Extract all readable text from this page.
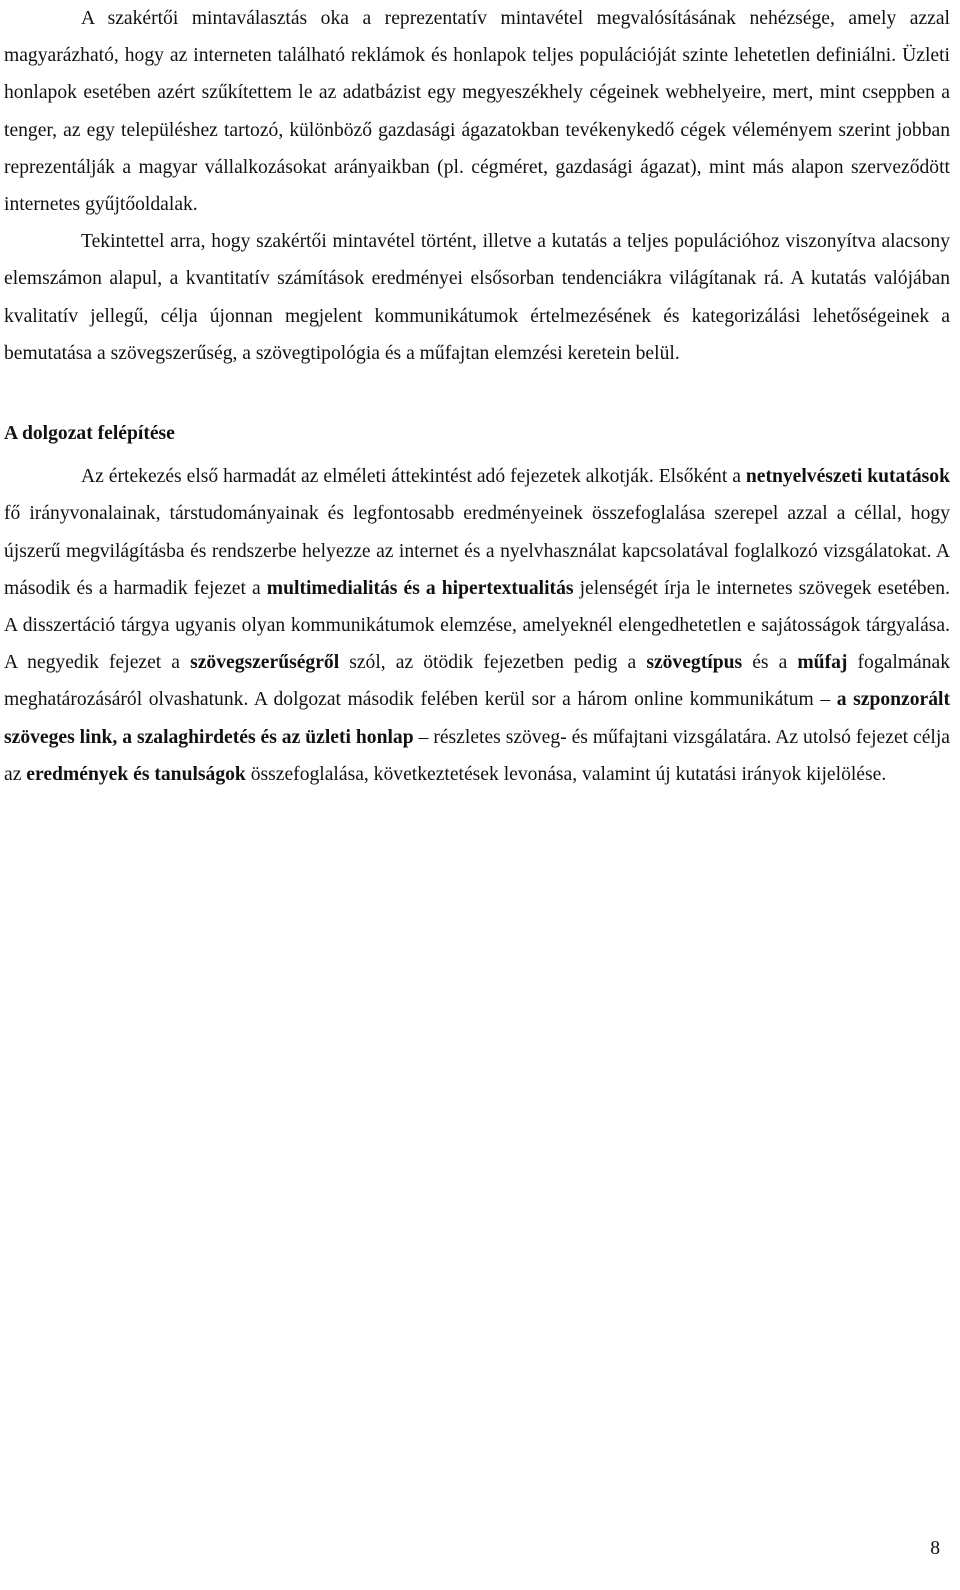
A szakértői mintaválasztás oka a reprezentatív mintavétel megvalósításának nehézsége, amely azzal magyarázható, hogy az interneten található reklámok és honlapok teljes populációját szinte lehetetlen definiálni. Üzleti honlapok esetében azért szűkítettem le az adatbázist egy megyeszékhely cégeinek webhelyeire, mert, mint cseppben a tenger, az egy településhez tartozó, különböző gazdasági ágazatokban tevékenykedő cégek véleményem szerint jobban reprezentálják a magyar vállalkozásokat arányaikban (pl. cégméret, gazdasági ágazat), mint más alapon szerveződött internetes gyűjtőoldalak.

Tekintettel arra, hogy szakértői mintavétel történt, illetve a kutatás a teljes populációhoz viszonyítva alacsony elemszámon alapul, a kvantitatív számítások eredményei elsősorban tendenciákra világítanak rá. A kutatás valójában kvalitatív jellegű, célja újonnan megjelent kommunikátumok értelmezésének és kategorizálási lehetőségeinek a bemutatása a szövegszerűség, a szövegtipológia és a műfajtan elemzési keretein belül.

A dolgozat felépítése

Az értekezés első harmadát az elméleti áttekintést adó fejezetek alkotják. Elsőként a netnyelvészeti kutatások fő irányvonalainak, társtudományainak és legfontosabb eredményeinek összefoglalása szerepel azzal a céllal, hogy újszerű megvilágításba és rendszerbe helyezze az internet és a nyelvhasználat kapcsolatával foglalkozó vizsgálatokat. A második és a harmadik fejezet a multimedialitás és a hipertextualitás jelenségét írja le internetes szövegek esetében. A disszertáció tárgya ugyanis olyan kommunikátumok elemzése, amelyeknél elengedhetetlen e sajátosságok tárgyalása. A negyedik fejezet a szövegszerűségről szól, az ötödik fejezetben pedig a szövegtípus és a műfaj fogalmának meghatározásáról olvashatunk. A dolgozat második felében kerül sor a három online kommunikátum – a szponzorált szöveges link, a szalaghirdetés és az üzleti honlap – részletes szöveg- és műfajtani vizsgálatára. Az utolsó fejezet célja az eredmények és tanulságok összefoglalása, következtetések levonása, valamint új kutatási irányok kijelölése.

8
